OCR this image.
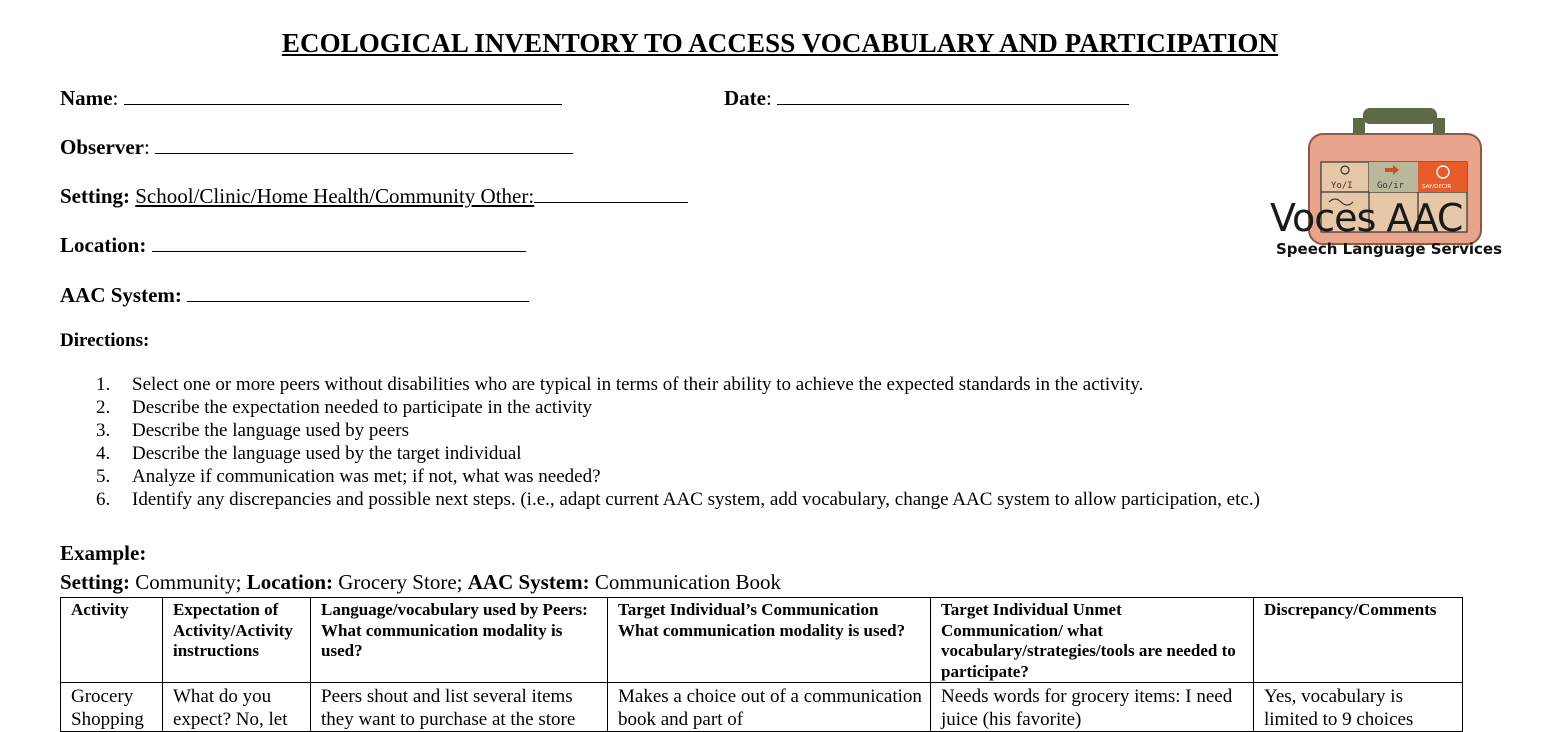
ECOLOGICAL INVENTORY TO ACCESS VOCABULARY AND PARTICIPATION
Name:	Date:
Observer:
Setting: School/Clinic/Home Health/Community Other:
Location:
AAC System:
Yo/I	Go/ir	SAY/DECIR
Voces AAC
Speech Language Services
Directions:
1.	Select one or more peers without disabilities who are typical in terms of their ability to achieve the expected standards in the activity.
2.	Describe the expectation needed to participate in the activity
3.	Describe the language used by peers
4.	Describe the language used by the target individual
5.	Analyze if communication was met; if not, what was needed?
6.	Identify any discrepancies and possible next steps. (i.e., adapt current AAC system, add vocabulary, change AAC system to allow participation, etc.)
Example:
Setting: Community; Location: Grocery Store; AAC System: Communication Book
Activity	Expectation of Activity/Activity instructions	Language/vocabulary used by Peers: What communication modality is used?	Target Individual’s Communication What communication modality is used?	Target Individual Unmet Communication/ what vocabulary/strategies/tools are needed to participate?	Discrepancy/Comments
Grocery Shopping	What do you expect? No, let	Peers shout and list several items they want to purchase at the store	Makes a choice out of a communication book and part of	Needs words for grocery items: I need juice (his favorite)	Yes, vocabulary is limited to 9 choices
